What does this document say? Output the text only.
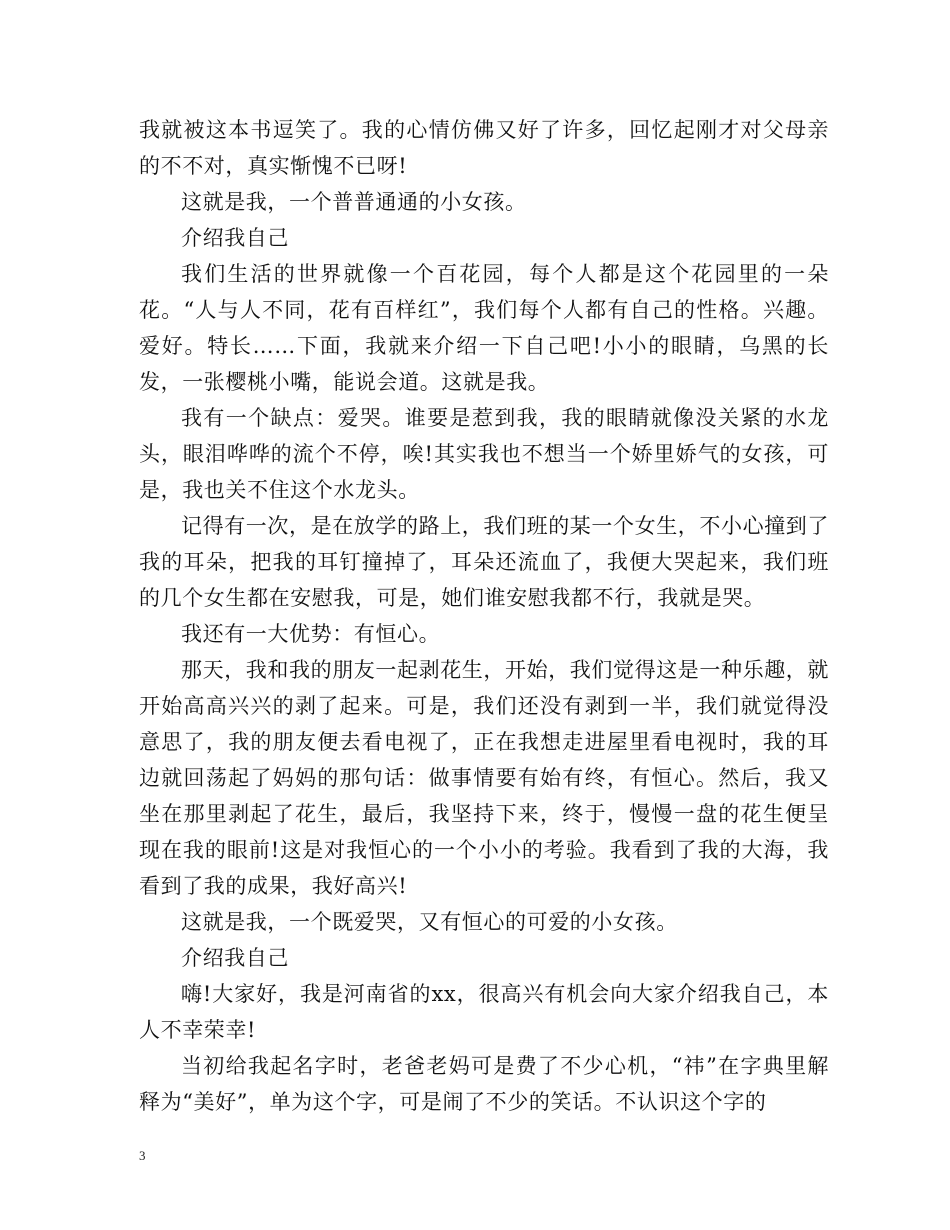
我就被这本书逗笑了。我的心情仿佛又好了许多，回忆起刚才对父母亲的不不对，真实惭愧不已呀!

这就是我，一个普普通通的小女孩。

介绍我自己

我们生活的世界就像一个百花园，每个人都是这个花园里的一朵花。“人与人不同，花有百样红”，我们每个人都有自己的性格。兴趣。爱好。特长……下面，我就来介绍一下自己吧!小小的眼睛，乌黑的长发，一张樱桃小嘴，能说会道。这就是我。

我有一个缺点：爱哭。谁要是惹到我，我的眼睛就像没关紧的水龙头，眼泪哗哗的流个不停，唉!其实我也不想当一个娇里娇气的女孩，可是，我也关不住这个水龙头。

记得有一次，是在放学的路上，我们班的某一个女生，不小心撞到了我的耳朵，把我的耳钉撞掉了，耳朵还流血了，我便大哭起来，我们班的几个女生都在安慰我，可是，她们谁安慰我都不行，我就是哭。

我还有一大优势：有恒心。

那天，我和我的朋友一起剥花生，开始，我们觉得这是一种乐趣，就开始高高兴兴的剥了起来。可是，我们还没有剥到一半，我们就觉得没意思了，我的朋友便去看电视了，正在我想走进屋里看电视时，我的耳边就回荡起了妈妈的那句话：做事情要有始有终，有恒心。然后，我又坐在那里剥起了花生，最后，我坚持下来，终于，慢慢一盘的花生便呈现在我的眼前!这是对我恒心的一个小小的考验。我看到了我的大海，我看到了我的成果，我好高兴!

这就是我，一个既爱哭，又有恒心的可爱的小女孩。

介绍我自己

嗨!大家好，我是河南省的xx，很高兴有机会向大家介绍我自己，本人不幸荣幸!

当初给我起名字时，老爸老妈可是费了不少心机，“祎”在字典里解释为“美好”，单为这个字，可是闹了不少的笑话。不认识这个字的

3
